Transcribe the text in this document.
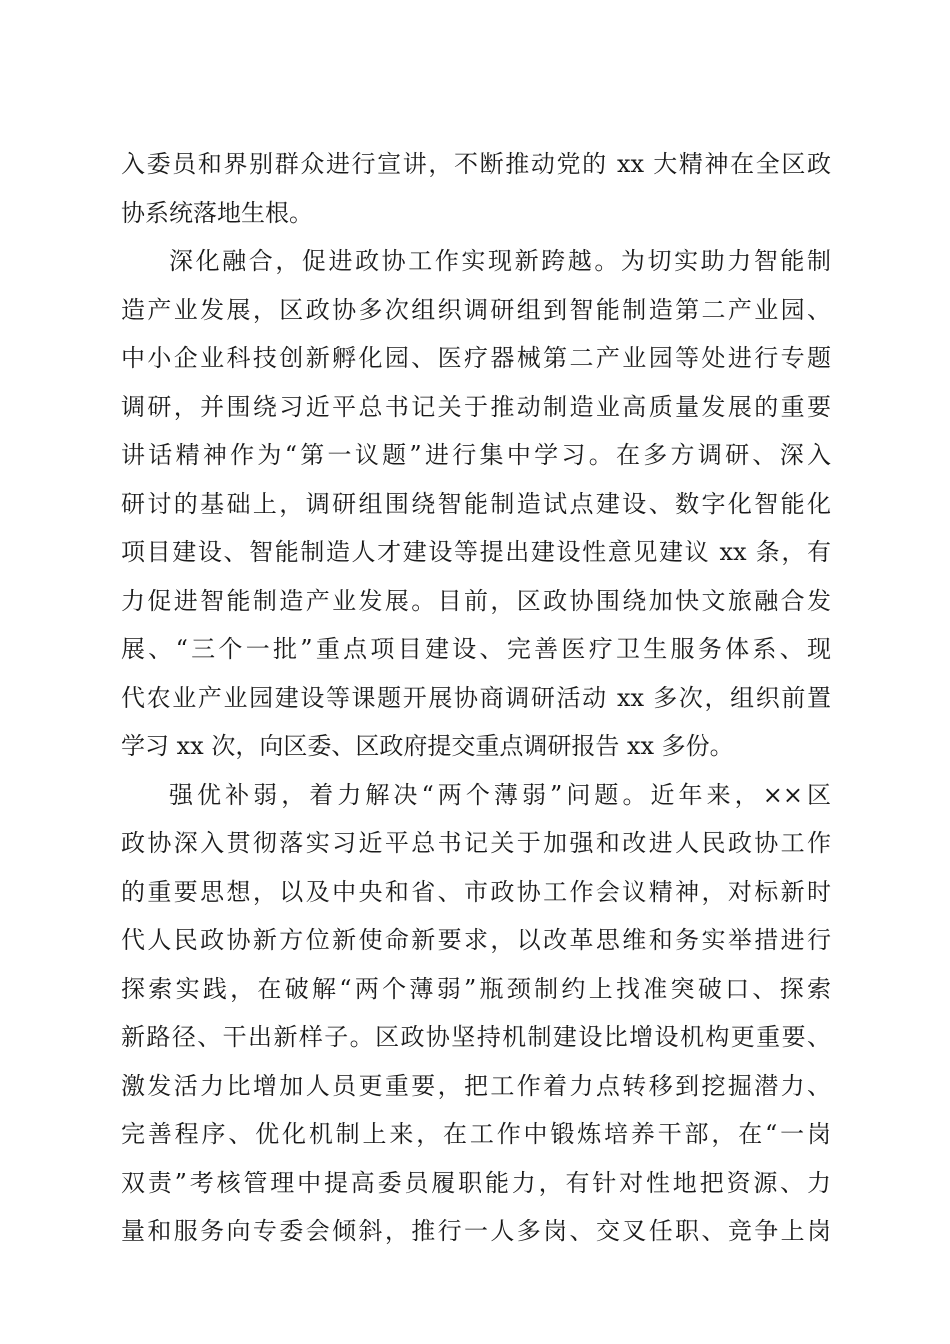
入委员和界别群众进行宣讲，不断推动党的 xx 大精神在全区政
协系统落地生根。
深化融合，促进政协工作实现新跨越。为切实助力智能制
造产业发展，区政协多次组织调研组到智能制造第二产业园、
中小企业科技创新孵化园、医疗器械第二产业园等处进行专题
调研，并围绕习近平总书记关于推动制造业高质量发展的重要
讲话精神作为“第一议题”进行集中学习。在多方调研、深入
研讨的基础上，调研组围绕智能制造试点建设、数字化智能化
项目建设、智能制造人才建设等提出建设性意见建议 xx 条，有
力促进智能制造产业发展。目前，区政协围绕加快文旅融合发
展、“三个一批”重点项目建设、完善医疗卫生服务体系、现
代农业产业园建设等课题开展协商调研活动 xx 多次，组织前置
学习 xx 次，向区委、区政府提交重点调研报告 xx 多份。
强优补弱，着力解决“两个薄弱”问题。近年来，××区
政协深入贯彻落实习近平总书记关于加强和改进人民政协工作
的重要思想，以及中央和省、市政协工作会议精神，对标新时
代人民政协新方位新使命新要求，以改革思维和务实举措进行
探索实践，在破解“两个薄弱”瓶颈制约上找准突破口、探索
新路径、干出新样子。区政协坚持机制建设比增设机构更重要、
激发活力比增加人员更重要，把工作着力点转移到挖掘潜力、
完善程序、优化机制上来，在工作中锻炼培养干部，在“一岗
双责”考核管理中提高委员履职能力，有针对性地把资源、力
量和服务向专委会倾斜，推行一人多岗、交叉任职、竞争上岗
